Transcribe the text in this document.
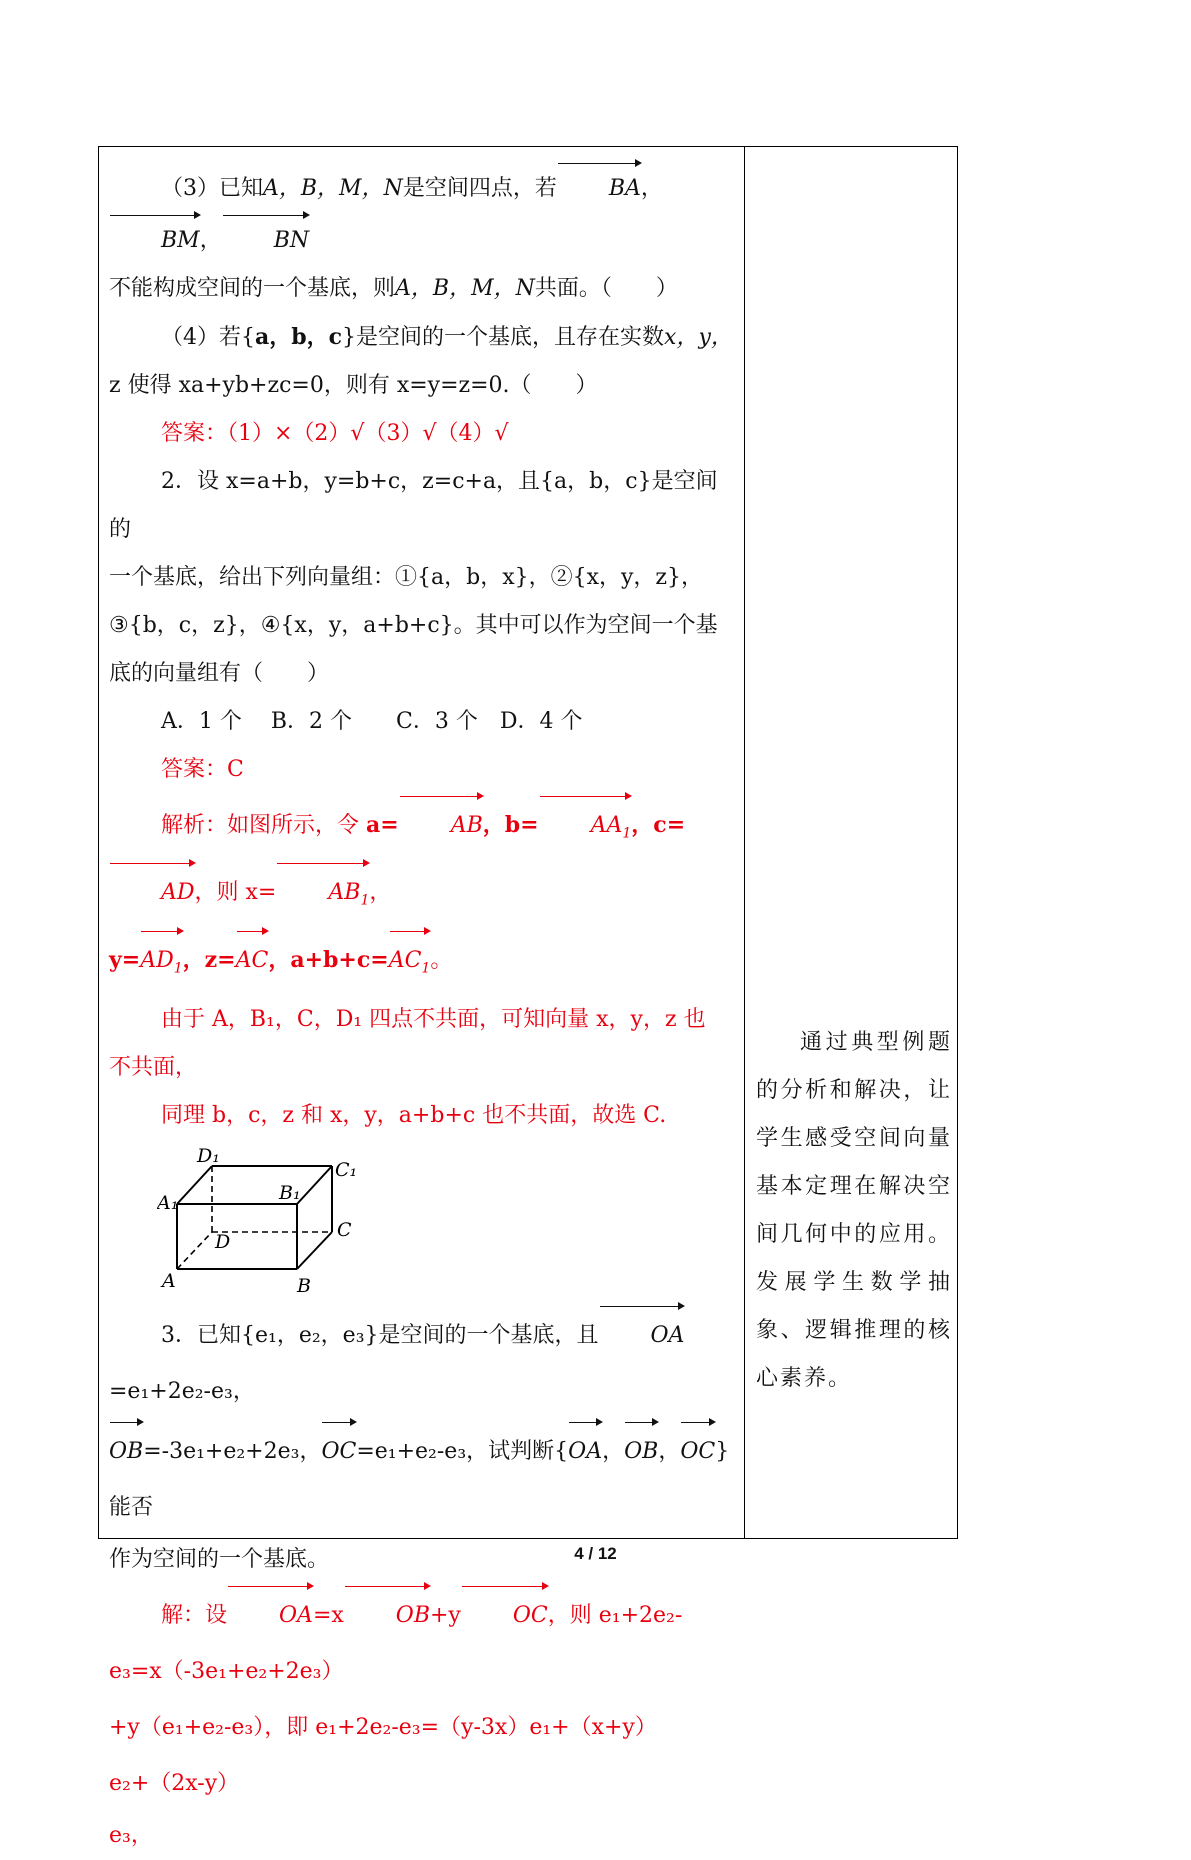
（3）已知A，B，M，N是空间四点，若 BA，BM， BN

不能构成空间的一个基底，则A，B，M，N共面。（　　）

（4）若{a，b，c}是空间的一个基底，且存在实数x，y，

z 使得 xa+yb+zc=0，则有 x=y=z=0.（　　）

答案：（1）×（2）√（3）√（4）√

2．设 x=a+b，y=b+c，z=c+a，且{a，b，c}是空间的

一个基底，给出下列向量组：①{a，b，x}，②{x，y，z}，

③{b，c，z}，④{x，y，a+b+c}。其中可以作为空间一个基

底的向量组有（　　）

A．1 个　 B．2 个　　C．3 个　D．4 个

答案：C

解析：如图所示，令 a= AB，$b= AA_1$，c=AD，则 $x= AB_1$，

$y=AD_1$，z=AC，$a+b+c=AC_1$。

由于 A，B₁，C，D₁ 四点不共面，可知向量 x，y，z 也

不共面，

同理 b，c，z 和 x，y，a+b+c 也不共面，故选 C.

D₁
C₁
A₁	B₁
C
D
A	B

3．已知{e₁，e₂，e₃}是空间的一个基底，且 OA=e₁+2e₂-e₃，

OB=-3e₁+e₂+2e₃，OC=e₁+e₂-e₃，试判断{OA，OB，OC}能否

作为空间的一个基底。

解：设 OA=x OB+y OC，则 e₁+2e₂-e₃=x（-3e₁+e₂+2e₃）

+y（e₁+e₂-e₃），即 e₁+2e₂-e₃=（y-3x）e₁+（x+y）e₂+（2x-y）

e₃，

通过典型例题的分析和解决，让学生感受空间向量基本定理在解决空间几何中的应用。发展学生数学抽象、逻辑推理的核心素养。
4 / 12
